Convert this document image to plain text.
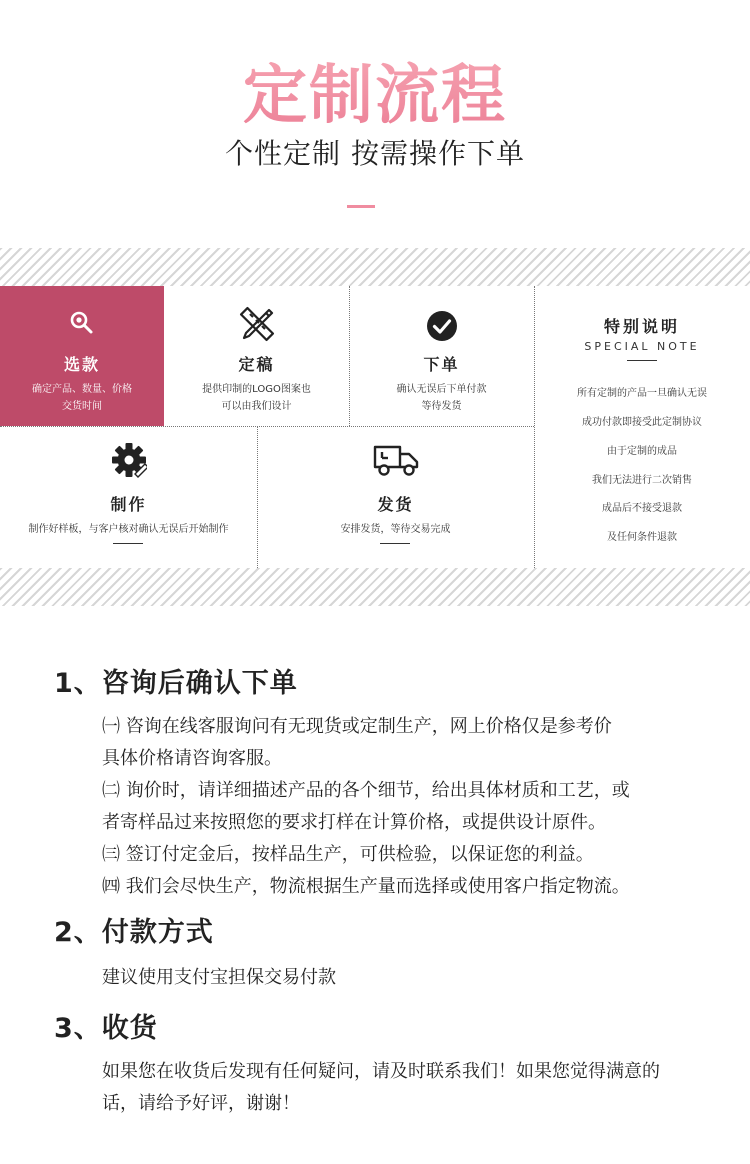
定制流程
个性定制 按需操作下单
选款
确定产品、数量、价格
交货时间
定稿
提供印制的LOGO图案也
可以由我们设计
下单
确认无误后下单付款
等待发货
制作
制作好样板，与客户核对确认无误后开始制作
发货
安排发货，等待交易完成
特别说明
SPECIAL NOTE
所有定制的产品一旦确认无误
成功付款即接受此定制协议
由于定制的成品
我们无法进行二次销售
成品后不接受退款
及任何条件退款
1、咨询后确认下单
㈠ 咨询在线客服询问有无现货或定制生产，网上价格仅是参考价
具体价格请咨询客服。
㈡ 询价时，请详细描述产品的各个细节，给出具体材质和工艺，或
者寄样品过来按照您的要求打样在计算价格，或提供设计原件。
㈢ 签订付定金后，按样品生产，可供检验，以保证您的利益。
㈣ 我们会尽快生产，物流根据生产量而选择或使用客户指定物流。
2、付款方式
建议使用支付宝担保交易付款
3、收货
如果您在收货后发现有任何疑问，请及时联系我们！如果您觉得满意的
话，请给予好评，谢谢！
